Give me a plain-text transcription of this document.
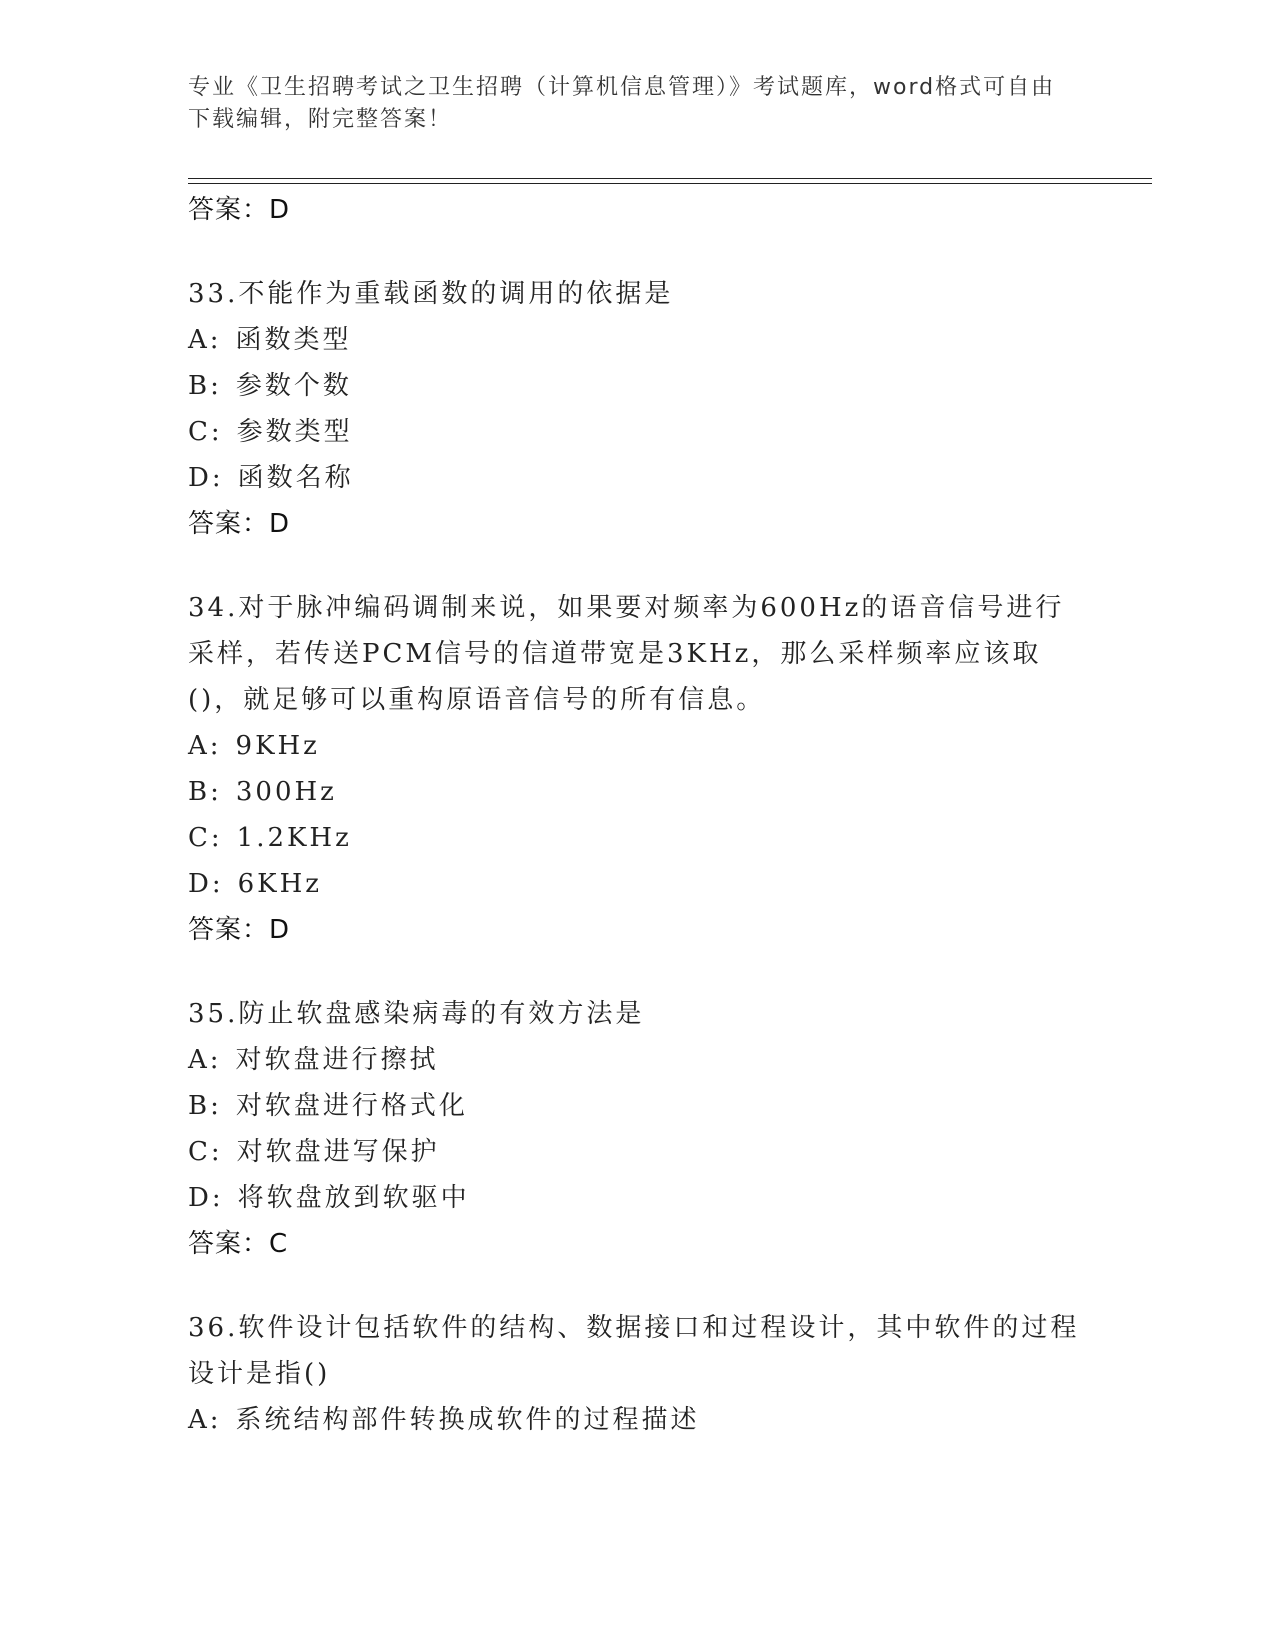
专业《卫生招聘考试之卫生招聘（计算机信息管理）》考试题库，word格式可自由下载编辑，附完整答案！
答案：D
33.不能作为重载函数的调用的依据是
A: 函数类型
B: 参数个数
C: 参数类型
D: 函数名称
答案：D
34.对于脉冲编码调制来说，如果要对频率为600Hz的语音信号进行采样，若传送PCM信号的信道带宽是3KHz，那么采样频率应该取()，就足够可以重构原语音信号的所有信息。
A: 9KHz
B: 300Hz
C: 1.2KHz
D: 6KHz
答案：D
35.防止软盘感染病毒的有效方法是
A: 对软盘进行擦拭
B: 对软盘进行格式化
C: 对软盘进写保护
D: 将软盘放到软驱中
答案：C
36.软件设计包括软件的结构、数据接口和过程设计，其中软件的过程设计是指()
A: 系统结构部件转换成软件的过程描述
